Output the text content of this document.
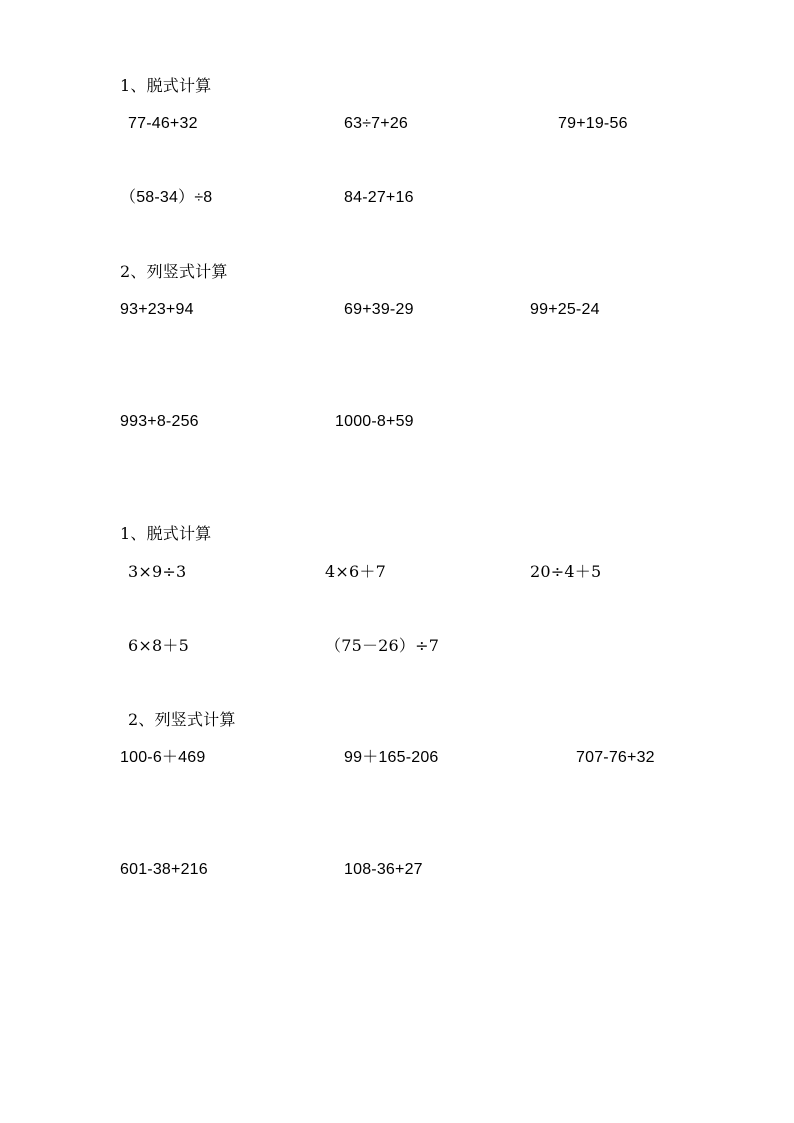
1、脱式计算
77-46+32	63÷7+26	79+19-56
（58-34）÷8	84-27+16
2、列竖式计算
93+23+94	69+39-29	99+25-24
993+8-256	1000-8+59
1、脱式计算
3×9÷3	4×6＋7	20÷4＋5
6×8＋5	（75－26）÷7
2、列竖式计算
100-6＋469	99＋165-206	707-76+32
601-38+216	108-36+27
